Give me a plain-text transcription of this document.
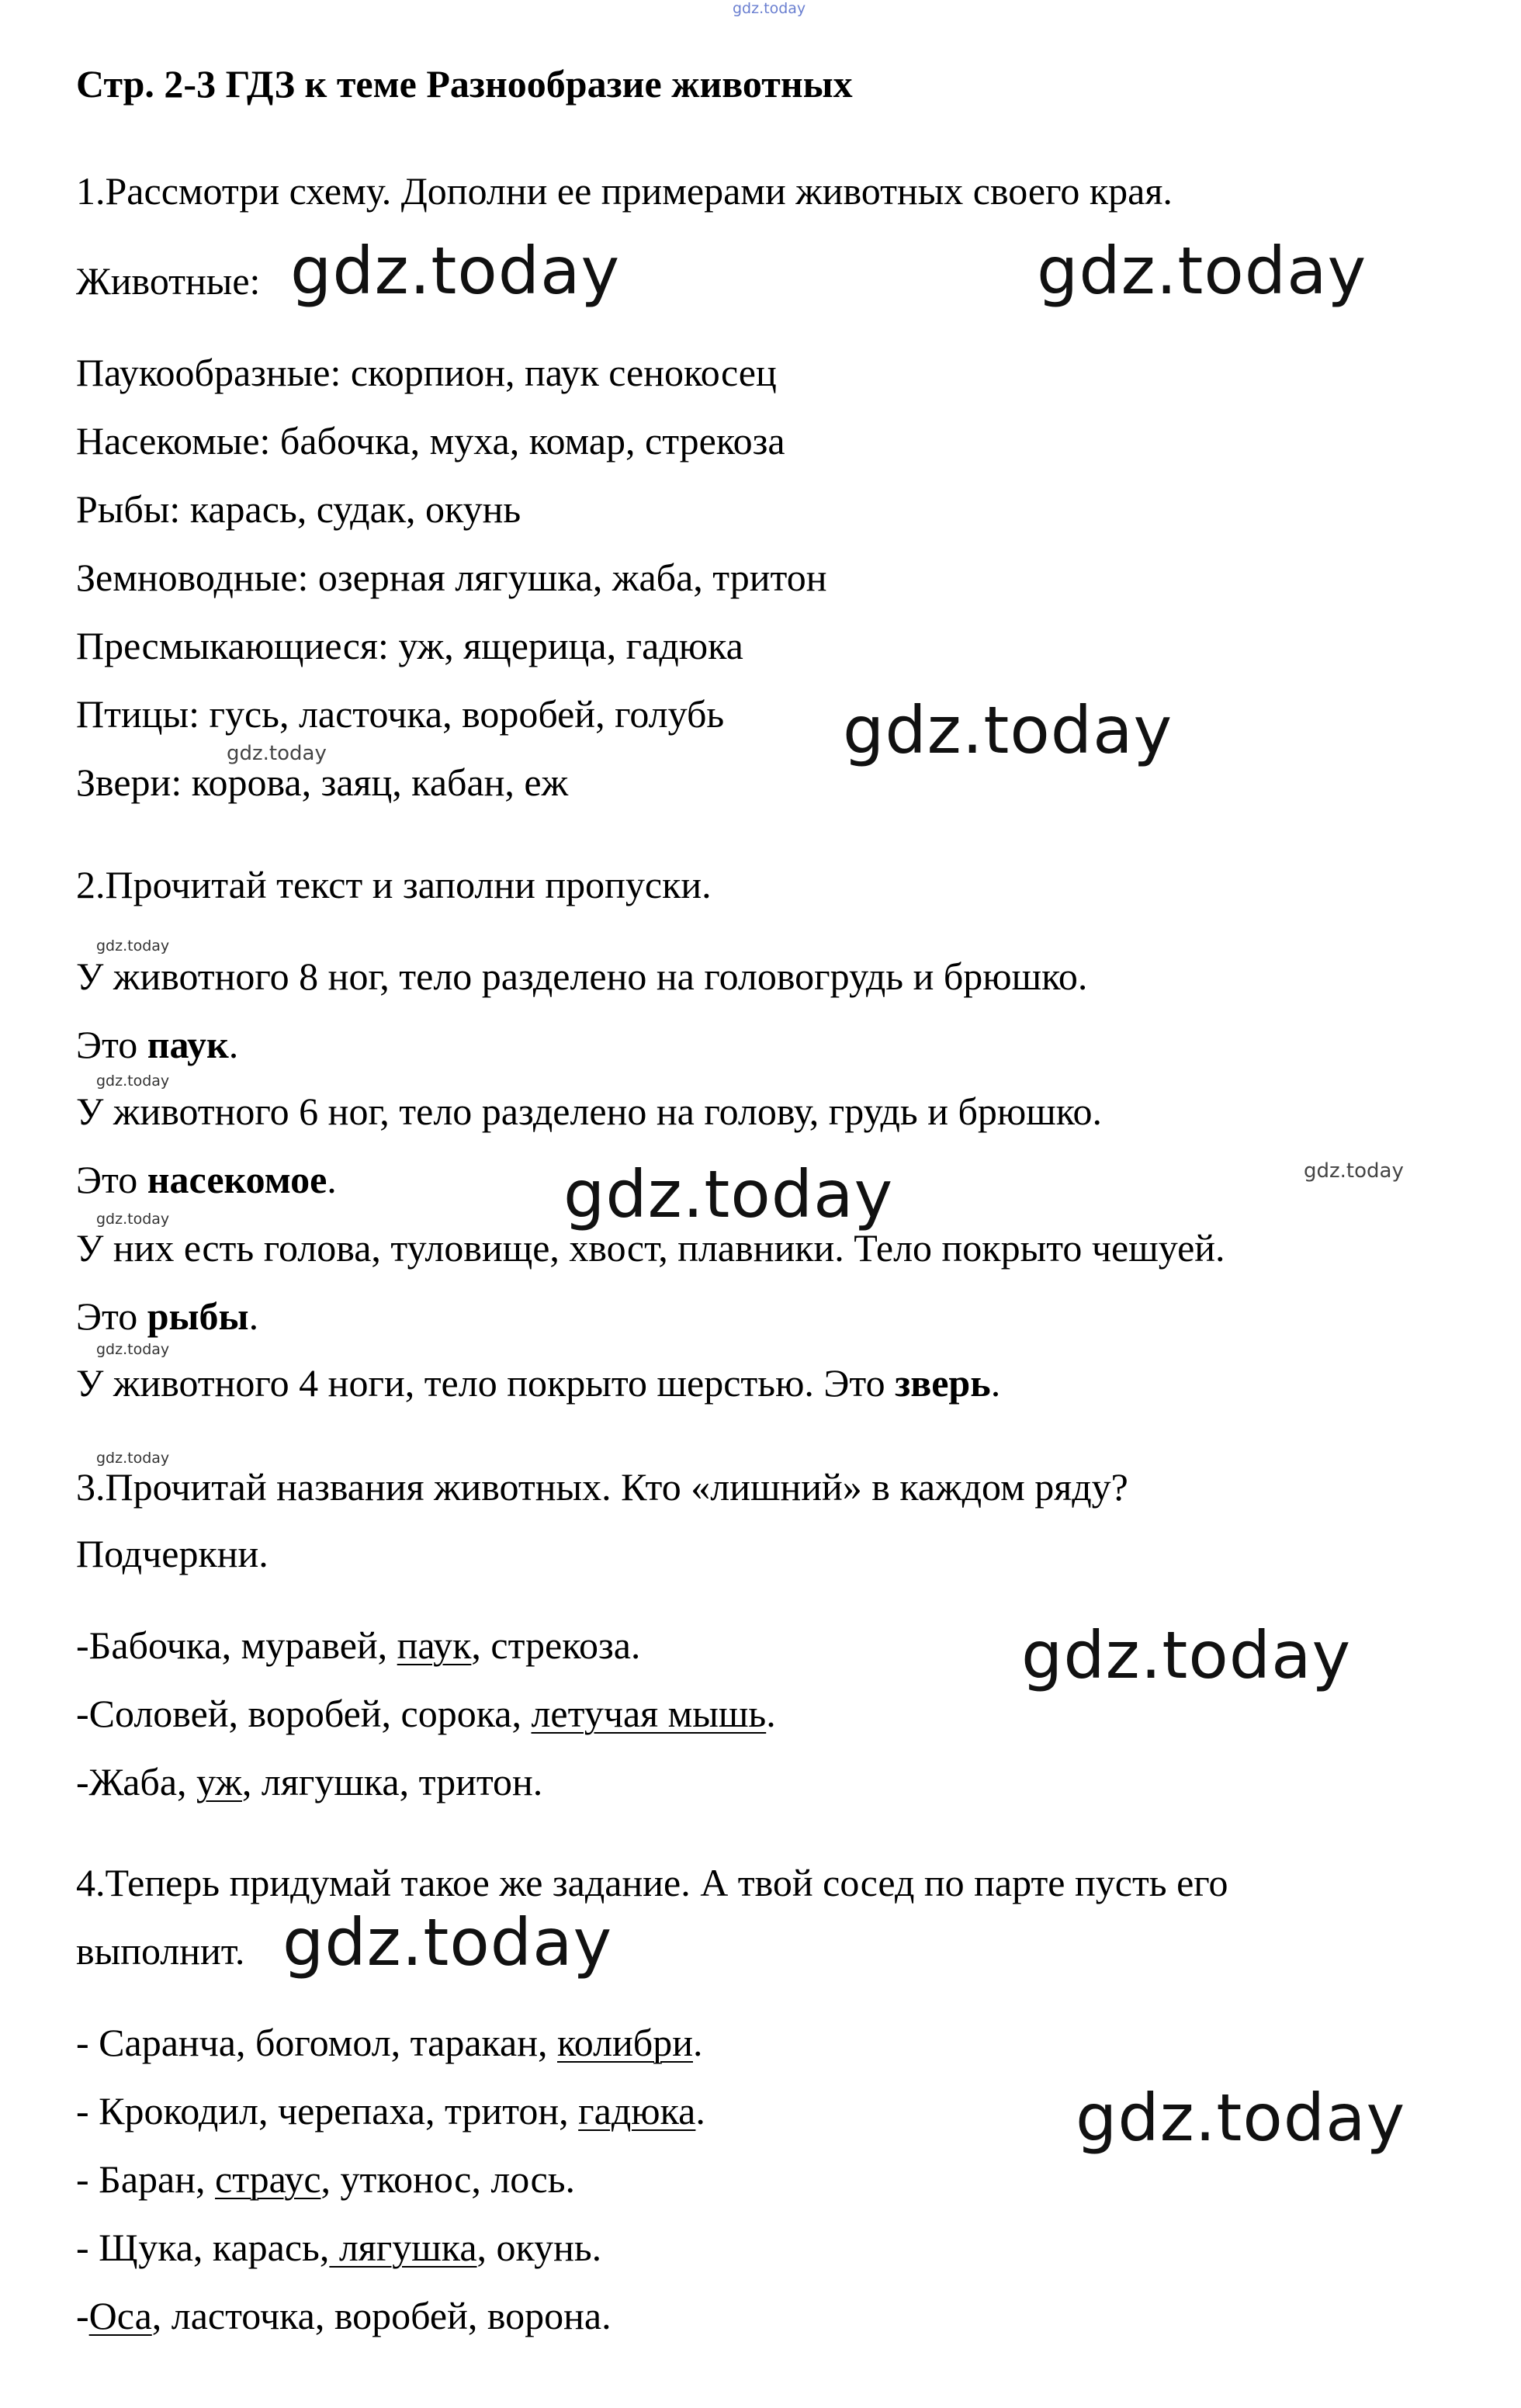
gdz.today
Стр. 2-3 ГДЗ к теме Разнообразие животных
1.Рассмотри схему. Дополни ее примерами животных своего края.
Животные: gdz.today	gdz.today
Паукообразные: скорпион, паук сенокосец
Насекомые: бабочка, муха, комар, стрекоза
Рыбы: карась, судак, окунь
Земноводные: озерная лягушка, жаба, тритон
Пресмыкающиеся: уж, ящерица, гадюка
Птицы: гусь, ласточка, воробей, голубь gdz.today
gdz.today
Звери: корова, заяц, кабан, еж
2.Прочитай текст и заполни пропуски.
gdz.today
У животного 8 ног, тело разделено на головогрудь и брюшко.
Это паук.
gdz.today
У животного 6 ног, тело разделено на голову, грудь и брюшко.
Это насекомое.	gdz.today	gdz.today
gdz.today
У них есть голова, туловище, хвост, плавники. Тело покрыто чешуей.
Это рыбы.
gdz.today
У животного 4 ноги, тело покрыто шерстью. Это зверь.
gdz.today
3.Прочитай названия животных. Кто «лишний» в каждом ряду?
Подчеркни.
-Бабочка, муравей, паук, стрекоза.	gdz.today
-Соловей, воробей, сорока, летучая мышь.
-Жаба, уж, лягушка, тритон.
4.Теперь придумай такое же задание. А твой сосед по парте пусть его
выполнит. gdz.today
- Саранча, богомол, таракан, колибри.
- Крокодил, черепаха, тритон, гадюка.	gdz.today
- Баран, страус, утконос, лось.
- Щука, карась, лягушка, окунь.
-Оса, ласточка, воробей, ворона.
